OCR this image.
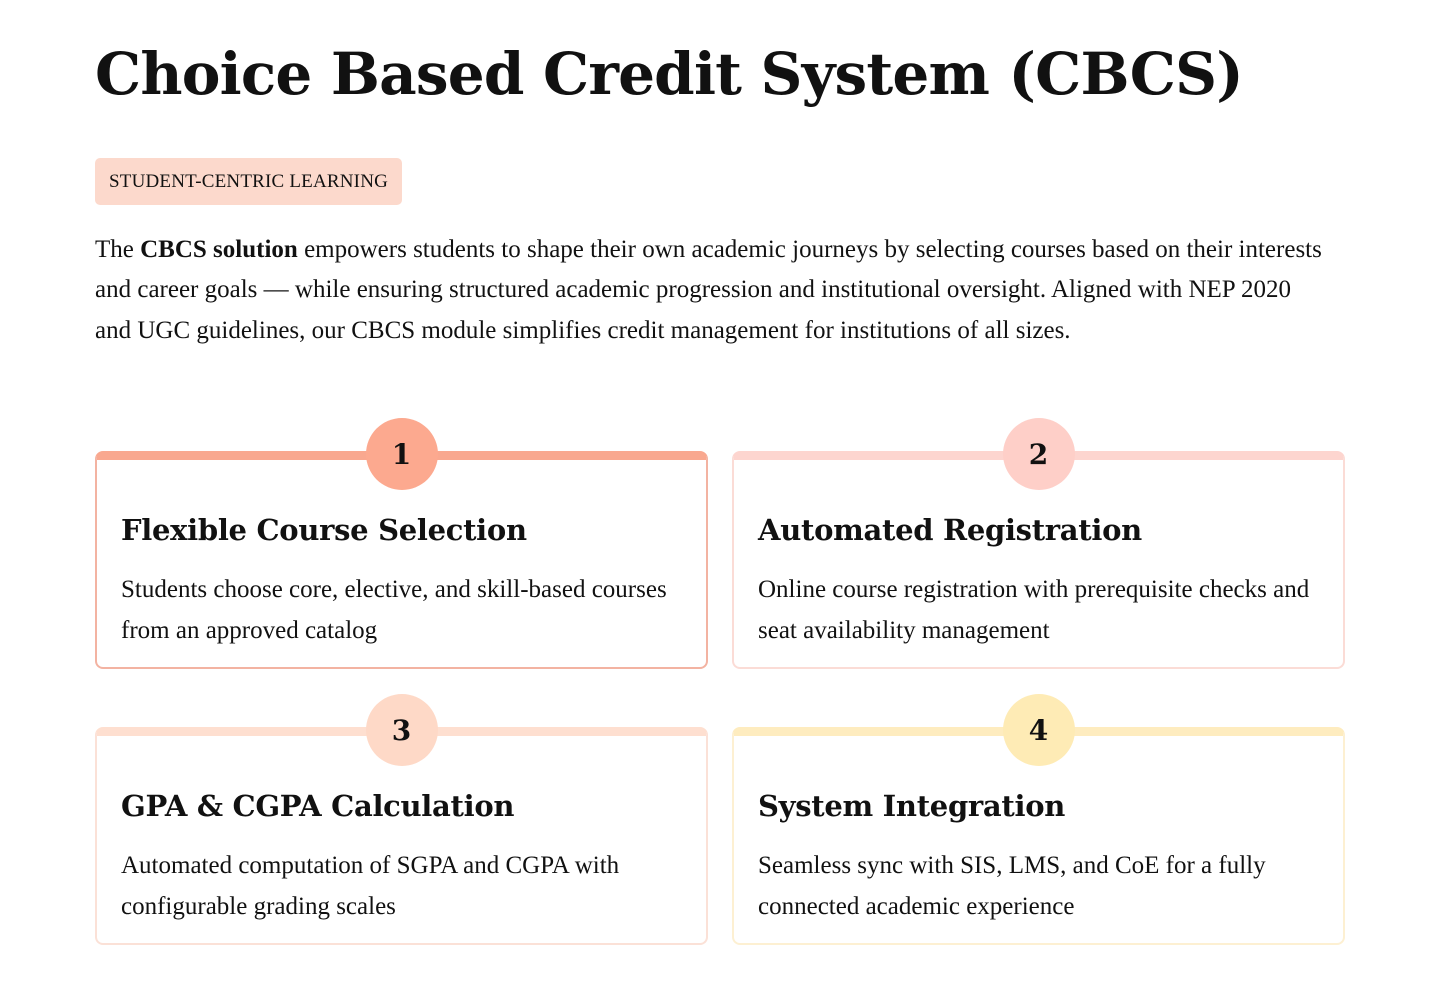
Choice Based Credit System (CBCS)
STUDENT-CENTRIC LEARNING

The CBCS solution empowers students to shape their own academic journeys by selecting courses based on their interests and career goals — while ensuring structured academic progression and institutional oversight. Aligned with NEP 2020 and UGC guidelines, our CBCS module simplifies credit management for institutions of all sizes.

1
Flexible Course Selection
Students choose core, elective, and skill-based courses from an approved catalog
2
Automated Registration
Online course registration with prerequisite checks and seat availability management
3
GPA & CGPA Calculation
Automated computation of SGPA and CGPA with configurable grading scales
4
System Integration
Seamless sync with SIS, LMS, and CoE for a fully connected academic experience
